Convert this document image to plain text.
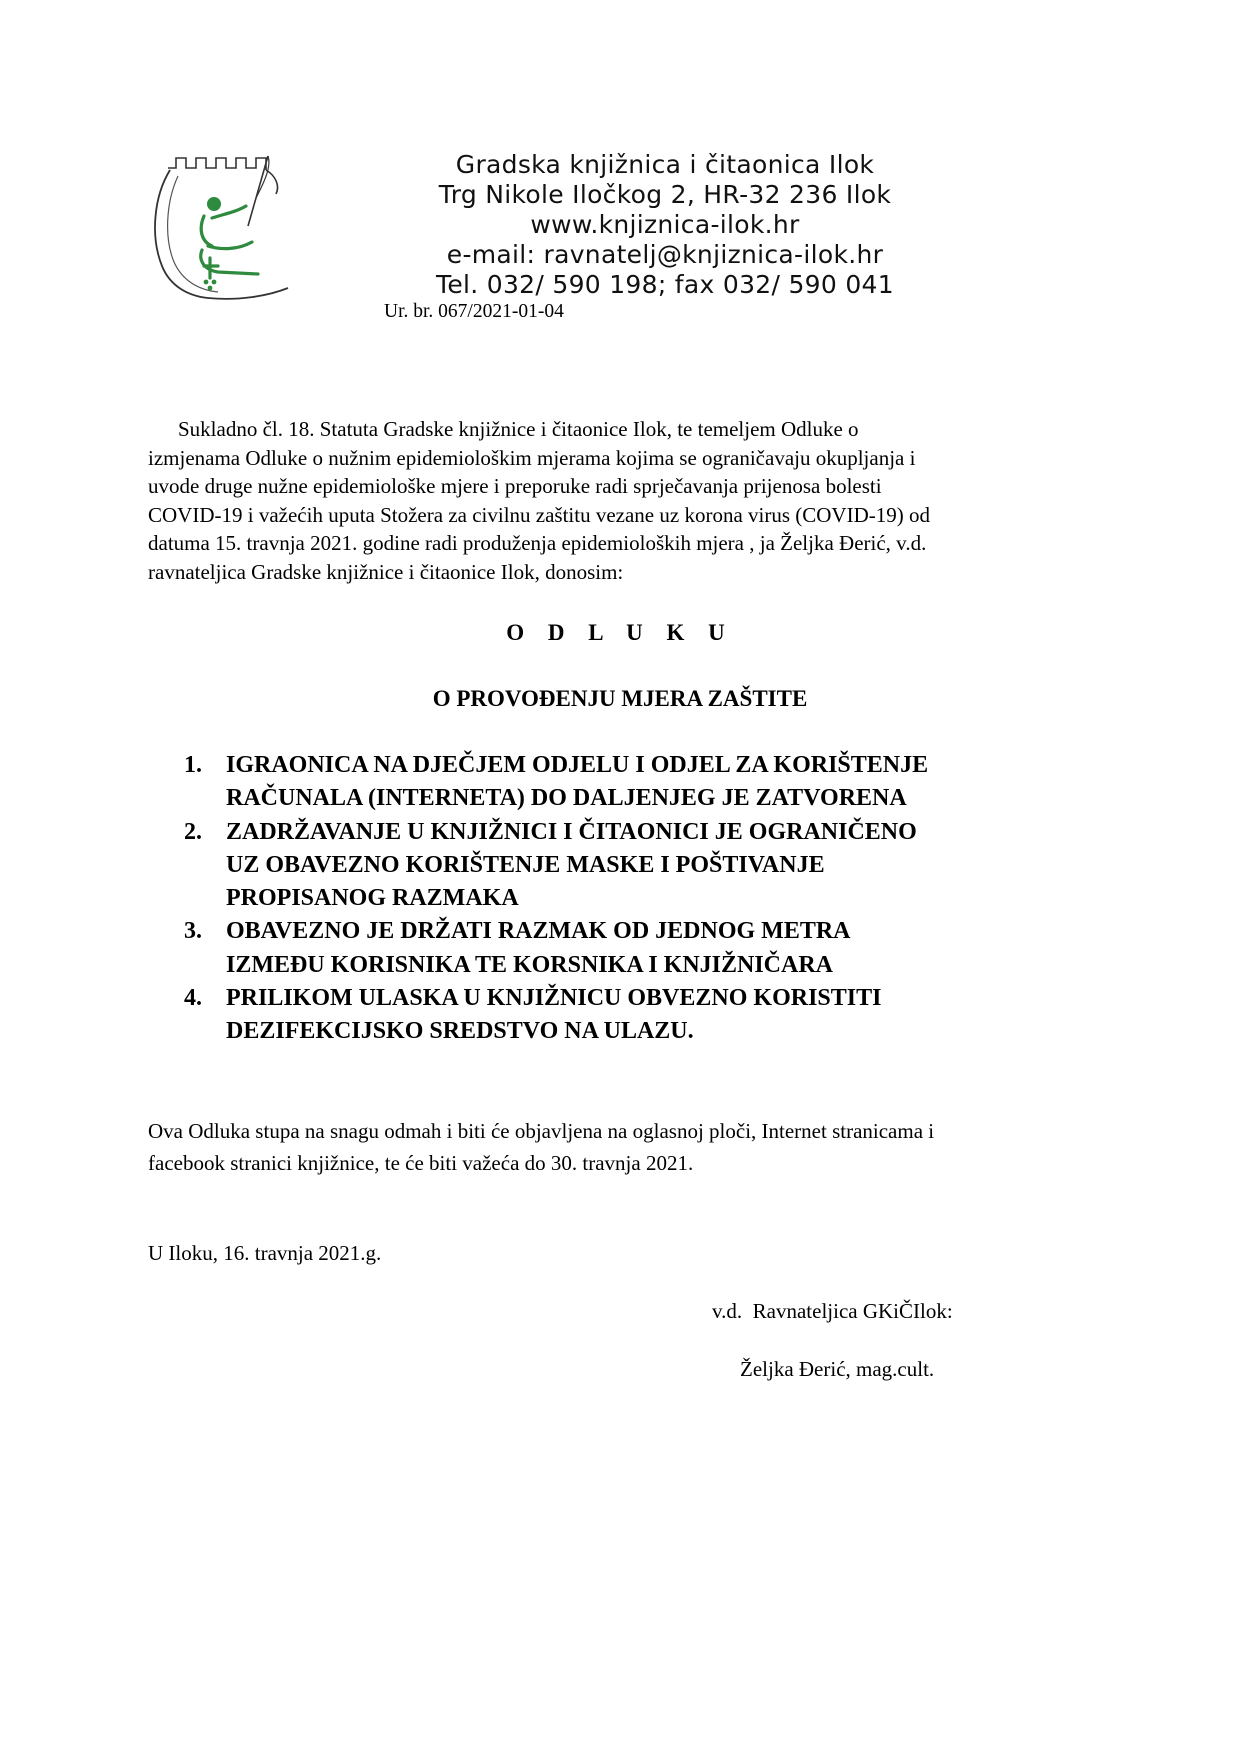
Gradska knjižnica i čitaonica Ilok
Trg Nikole Iločkog 2, HR-32 236 Ilok
www.knjiznica-ilok.hr
e-mail: ravnatelj@knjiznica-ilok.hr
Tel. 032/ 590 198; fax 032/ 590 041
Ur. br. 067/2021-01-04
Sukladno čl. 18. Statuta Gradske knjižnice i čitaonice Ilok, te temeljem Odluke o
izmjenama Odluke o nužnim epidemiološkim mjerama kojima se ograničavaju okupljanja i
uvode druge nužne epidemiološke mjere i preporuke radi sprječavanja prijenosa bolesti
COVID-19 i važećih uputa Stožera za civilnu zaštitu vezane uz korona virus (COVID-19) od
datuma 15. travnja 2021. godine radi produženja epidemioloških mjera , ja Željka Đerić, v.d.
ravnateljica Gradske knjižnice i čitaonice Ilok, donosim:
O D L U K U
O PROVOĐENJU MJERA ZAŠTITE
1.	IGRAONICA NA DJEČJEM ODJELU I ODJEL ZA KORIŠTENJE
RAČUNALA (INTERNETA) DO DALJENJEG JE ZATVORENA
2.	ZADRŽAVANJE U KNJIŽNICI I ČITAONICI JE OGRANIČENO
UZ OBAVEZNO KORIŠTENJE MASKE I POŠTIVANJE
PROPISANOG RAZMAKA
3.	OBAVEZNO JE DRŽATI RAZMAK OD JEDNOG METRA
IZMEĐU KORISNIKA TE KORSNIKA I KNJIŽNIČARA
4.	PRILIKOM ULASKA U KNJIŽNICU OBVEZNO KORISTITI
DEZIFEKCIJSKO SREDSTVO NA ULAZU.
Ova Odluka stupa na snagu odmah i biti će objavljena na oglasnoj ploči, Internet stranicama i
facebook stranici knjižnice, te će biti važeća do 30. travnja 2021.
U Iloku, 16. travnja 2021.g.
v.d.  Ravnateljica GKiČIlok:
Željka Đerić, mag.cult.
